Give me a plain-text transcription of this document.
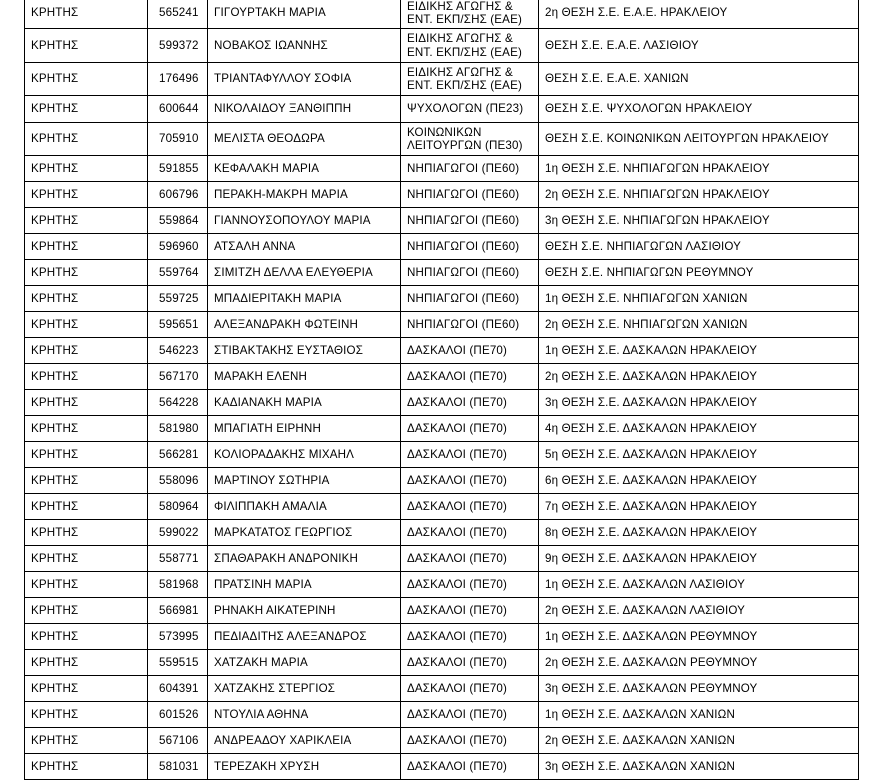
ΚΡΗΤΗΣ	565241	ΓΙΓΟΥΡΤΑΚΗ ΜΑΡΙΑ	ΕΙΔΙΚΗΣ ΑΓΩΓΗΣ & ΕΝΤ. ΕΚΠ/ΣΗΣ (ΕΑΕ)	2η ΘΕΣΗ Σ.Ε. Ε.Α.Ε. ΗΡΑΚΛΕΙΟΥ
ΚΡΗΤΗΣ	599372	ΝΟΒΑΚΟΣ ΙΩΑΝΝΗΣ	ΕΙΔΙΚΗΣ ΑΓΩΓΗΣ & ΕΝΤ. ΕΚΠ/ΣΗΣ (ΕΑΕ)	ΘΕΣΗ Σ.Ε. Ε.Α.Ε. ΛΑΣΙΘΙΟΥ
ΚΡΗΤΗΣ	176496	ΤΡΙΑΝΤΑΦΥΛΛΟΥ ΣΟΦΙΑ	ΕΙΔΙΚΗΣ ΑΓΩΓΗΣ & ΕΝΤ. ΕΚΠ/ΣΗΣ (ΕΑΕ)	ΘΕΣΗ Σ.Ε. Ε.Α.Ε. ΧΑΝΙΩΝ
ΚΡΗΤΗΣ	600644	ΝΙΚΟΛΑΙΔΟΥ ΞΑΝΘΙΠΠΗ	ΨΥΧΟΛΟΓΩΝ (ΠΕ23)	ΘΕΣΗ Σ.Ε. ΨΥΧΟΛΟΓΩΝ ΗΡΑΚΛΕΙΟΥ
ΚΡΗΤΗΣ	705910	ΜΕΛΙΣΤΑ ΘΕΟΔΩΡΑ	ΚΟΙΝΩΝΙΚΩΝ ΛΕΙΤΟΥΡΓΩΝ (ΠΕ30)	ΘΕΣΗ Σ.Ε. ΚΟΙΝΩΝΙΚΩΝ ΛΕΙΤΟΥΡΓΩΝ ΗΡΑΚΛΕΙΟΥ
ΚΡΗΤΗΣ	591855	ΚΕΦΑΛΑΚΗ ΜΑΡΙΑ	ΝΗΠΙΑΓΩΓΟΙ (ΠΕ60)	1η ΘΕΣΗ Σ.Ε. ΝΗΠΙΑΓΩΓΩΝ ΗΡΑΚΛΕΙΟΥ
ΚΡΗΤΗΣ	606796	ΠΕΡΑΚΗ-ΜΑΚΡΗ ΜΑΡΙΑ	ΝΗΠΙΑΓΩΓΟΙ (ΠΕ60)	2η ΘΕΣΗ Σ.Ε. ΝΗΠΙΑΓΩΓΩΝ ΗΡΑΚΛΕΙΟΥ
ΚΡΗΤΗΣ	559864	ΓΙΑΝΝΟΥΣΟΠΟΥΛΟΥ ΜΑΡΙΑ	ΝΗΠΙΑΓΩΓΟΙ (ΠΕ60)	3η ΘΕΣΗ Σ.Ε. ΝΗΠΙΑΓΩΓΩΝ ΗΡΑΚΛΕΙΟΥ
ΚΡΗΤΗΣ	596960	ΑΤΣΑΛΗ ΑΝΝΑ	ΝΗΠΙΑΓΩΓΟΙ (ΠΕ60)	ΘΕΣΗ Σ.Ε. ΝΗΠΙΑΓΩΓΩΝ ΛΑΣΙΘΙΟΥ
ΚΡΗΤΗΣ	559764	ΣΙΜΙΤΖΗ ΔΕΛΛΑ ΕΛΕΥΘΕΡΙΑ	ΝΗΠΙΑΓΩΓΟΙ (ΠΕ60)	ΘΕΣΗ Σ.Ε. ΝΗΠΙΑΓΩΓΩΝ ΡΕΘΥΜΝΟΥ
ΚΡΗΤΗΣ	559725	ΜΠΑΔΙΕΡΙΤΑΚΗ ΜΑΡΙΑ	ΝΗΠΙΑΓΩΓΟΙ (ΠΕ60)	1η ΘΕΣΗ Σ.Ε. ΝΗΠΙΑΓΩΓΩΝ ΧΑΝΙΩΝ
ΚΡΗΤΗΣ	595651	ΑΛΕΞΑΝΔΡΑΚΗ ΦΩΤΕΙΝΗ	ΝΗΠΙΑΓΩΓΟΙ (ΠΕ60)	2η ΘΕΣΗ Σ.Ε. ΝΗΠΙΑΓΩΓΩΝ ΧΑΝΙΩΝ
ΚΡΗΤΗΣ	546223	ΣΤΙΒΑΚΤΑΚΗΣ ΕΥΣΤΑΘΙΟΣ	ΔΑΣΚΑΛΟΙ (ΠΕ70)	1η ΘΕΣΗ Σ.Ε. ΔΑΣΚΑΛΩΝ ΗΡΑΚΛΕΙΟΥ
ΚΡΗΤΗΣ	567170	ΜΑΡΑΚΗ ΕΛΕΝΗ	ΔΑΣΚΑΛΟΙ (ΠΕ70)	2η ΘΕΣΗ Σ.Ε. ΔΑΣΚΑΛΩΝ ΗΡΑΚΛΕΙΟΥ
ΚΡΗΤΗΣ	564228	ΚΑΔΙΑΝΑΚΗ ΜΑΡΙΑ	ΔΑΣΚΑΛΟΙ (ΠΕ70)	3η ΘΕΣΗ Σ.Ε. ΔΑΣΚΑΛΩΝ ΗΡΑΚΛΕΙΟΥ
ΚΡΗΤΗΣ	581980	ΜΠΑΓΙΑΤΗ ΕΙΡΗΝΗ	ΔΑΣΚΑΛΟΙ (ΠΕ70)	4η ΘΕΣΗ Σ.Ε. ΔΑΣΚΑΛΩΝ ΗΡΑΚΛΕΙΟΥ
ΚΡΗΤΗΣ	566281	ΚΟΛΙΟΡΑΔΑΚΗΣ ΜΙΧΑΗΛ	ΔΑΣΚΑΛΟΙ (ΠΕ70)	5η ΘΕΣΗ Σ.Ε. ΔΑΣΚΑΛΩΝ ΗΡΑΚΛΕΙΟΥ
ΚΡΗΤΗΣ	558096	ΜΑΡΤΙΝΟΥ ΣΩΤΗΡΙΑ	ΔΑΣΚΑΛΟΙ (ΠΕ70)	6η ΘΕΣΗ Σ.Ε. ΔΑΣΚΑΛΩΝ ΗΡΑΚΛΕΙΟΥ
ΚΡΗΤΗΣ	580964	ΦΙΛΙΠΠΑΚΗ ΑΜΑΛΙΑ	ΔΑΣΚΑΛΟΙ (ΠΕ70)	7η ΘΕΣΗ Σ.Ε. ΔΑΣΚΑΛΩΝ ΗΡΑΚΛΕΙΟΥ
ΚΡΗΤΗΣ	599022	ΜΑΡΚΑΤΑΤΟΣ ΓΕΩΡΓΙΟΣ	ΔΑΣΚΑΛΟΙ (ΠΕ70)	8η ΘΕΣΗ Σ.Ε. ΔΑΣΚΑΛΩΝ ΗΡΑΚΛΕΙΟΥ
ΚΡΗΤΗΣ	558771	ΣΠΑΘΑΡΑΚΗ ΑΝΔΡΟΝΙΚΗ	ΔΑΣΚΑΛΟΙ (ΠΕ70)	9η ΘΕΣΗ Σ.Ε. ΔΑΣΚΑΛΩΝ ΗΡΑΚΛΕΙΟΥ
ΚΡΗΤΗΣ	581968	ΠΡΑΤΣΙΝΗ ΜΑΡΙΑ	ΔΑΣΚΑΛΟΙ (ΠΕ70)	1η ΘΕΣΗ Σ.Ε. ΔΑΣΚΑΛΩΝ ΛΑΣΙΘΙΟΥ
ΚΡΗΤΗΣ	566981	ΡΗΝΑΚΗ ΑΙΚΑΤΕΡΙΝΗ	ΔΑΣΚΑΛΟΙ (ΠΕ70)	2η ΘΕΣΗ Σ.Ε. ΔΑΣΚΑΛΩΝ ΛΑΣΙΘΙΟΥ
ΚΡΗΤΗΣ	573995	ΠΕΔΙΑΔΙΤΗΣ ΑΛΕΞΑΝΔΡΟΣ	ΔΑΣΚΑΛΟΙ (ΠΕ70)	1η ΘΕΣΗ Σ.Ε. ΔΑΣΚΑΛΩΝ ΡΕΘΥΜΝΟΥ
ΚΡΗΤΗΣ	559515	ΧΑΤΖΑΚΗ ΜΑΡΙΑ	ΔΑΣΚΑΛΟΙ (ΠΕ70)	2η ΘΕΣΗ Σ.Ε. ΔΑΣΚΑΛΩΝ ΡΕΘΥΜΝΟΥ
ΚΡΗΤΗΣ	604391	ΧΑΤΖΑΚΗΣ ΣΤΕΡΓΙΟΣ	ΔΑΣΚΑΛΟΙ (ΠΕ70)	3η ΘΕΣΗ Σ.Ε. ΔΑΣΚΑΛΩΝ ΡΕΘΥΜΝΟΥ
ΚΡΗΤΗΣ	601526	ΝΤΟΥΛΙΑ ΑΘΗΝΑ	ΔΑΣΚΑΛΟΙ (ΠΕ70)	1η ΘΕΣΗ Σ.Ε. ΔΑΣΚΑΛΩΝ ΧΑΝΙΩΝ
ΚΡΗΤΗΣ	567106	ΑΝΔΡΕΑΔΟΥ ΧΑΡΙΚΛΕΙΑ	ΔΑΣΚΑΛΟΙ (ΠΕ70)	2η ΘΕΣΗ Σ.Ε. ΔΑΣΚΑΛΩΝ ΧΑΝΙΩΝ
ΚΡΗΤΗΣ	581031	ΤΕΡΕΖΑΚΗ ΧΡΥΣΗ	ΔΑΣΚΑΛΟΙ (ΠΕ70)	3η ΘΕΣΗ Σ.Ε. ΔΑΣΚΑΛΩΝ ΧΑΝΙΩΝ
